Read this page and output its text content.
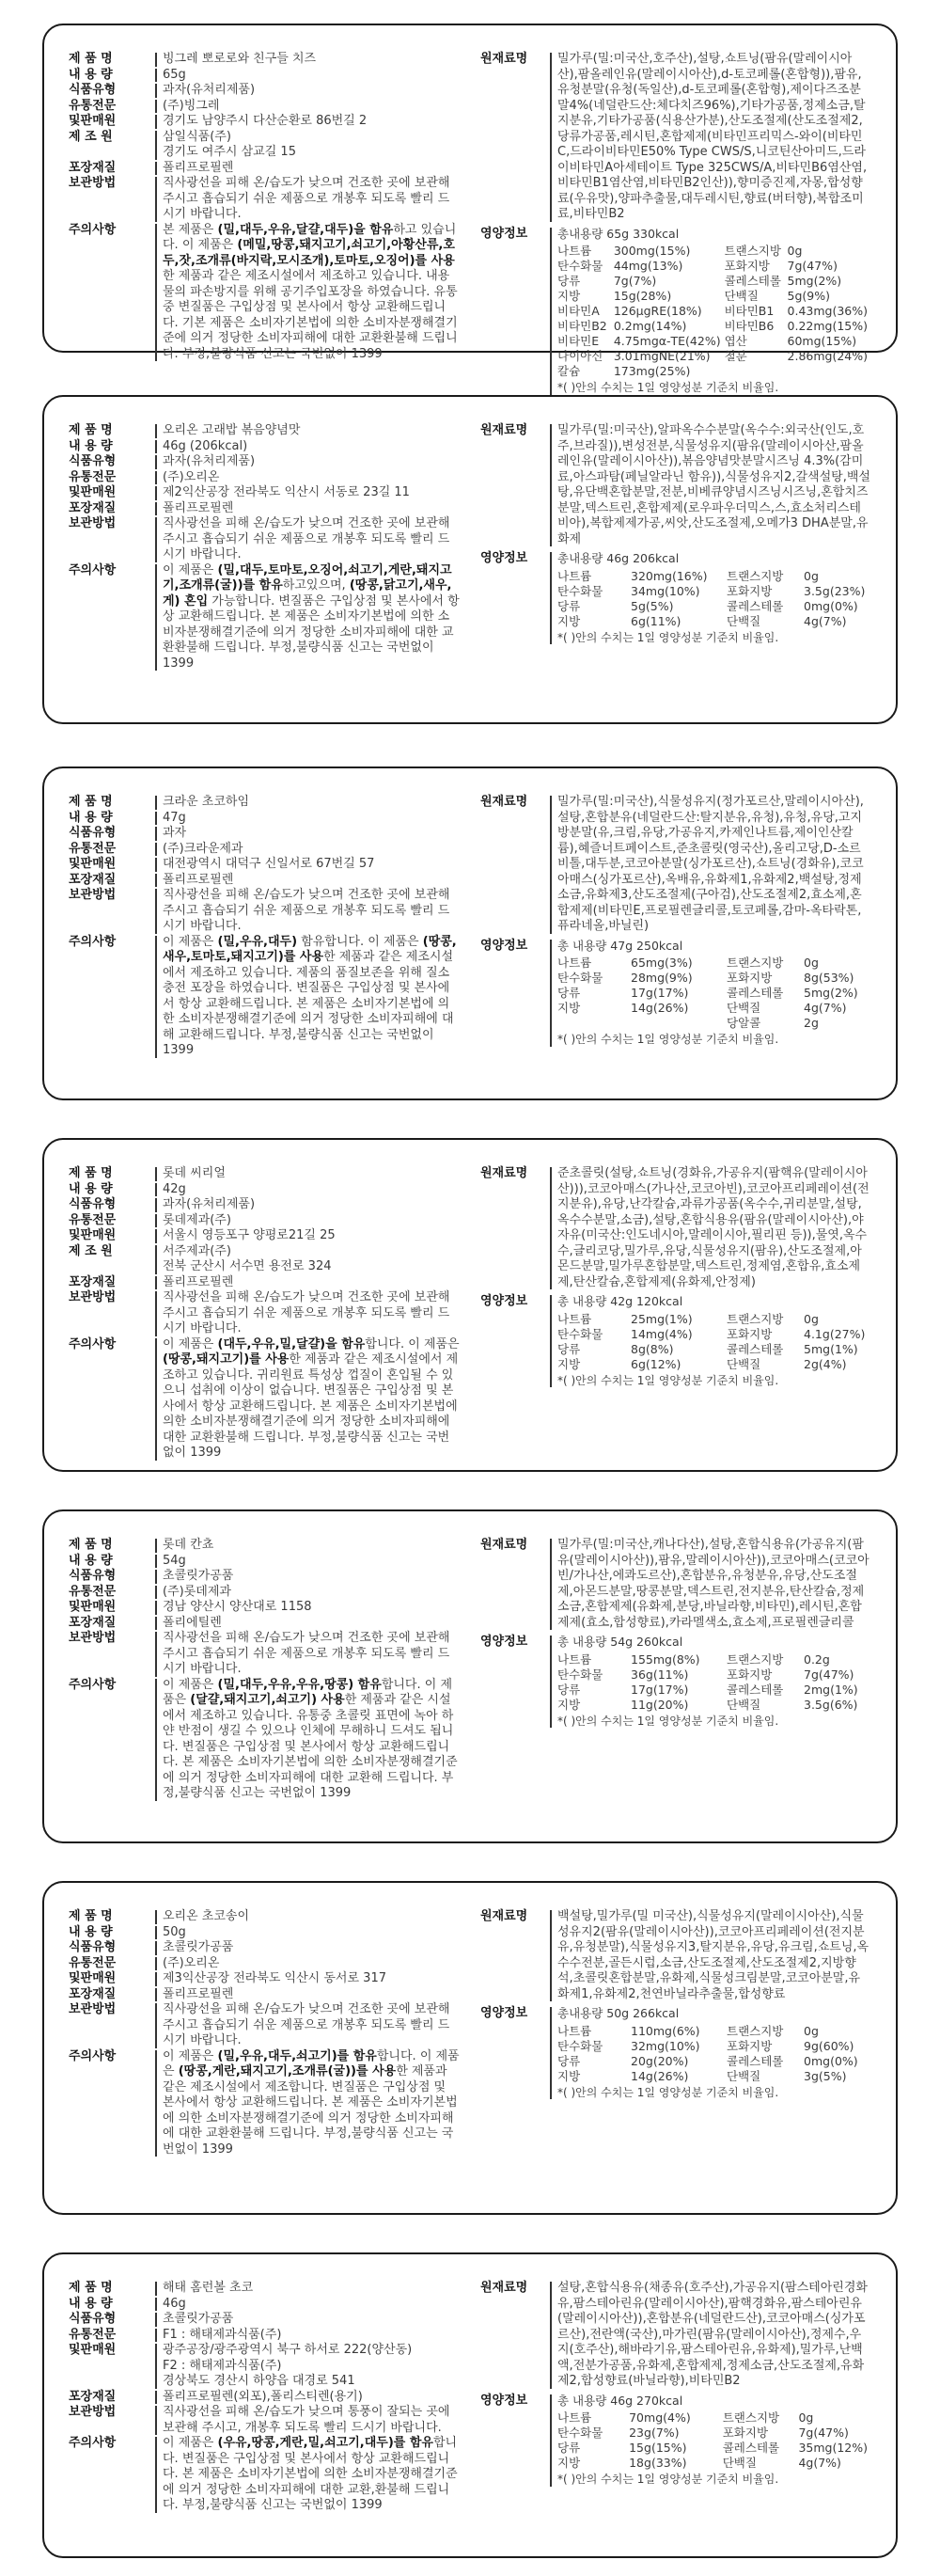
제 품 명	빙그레 뽀로로와 친구들 치즈
내 용 량	65g
식품유형	과자(유처리제품)
유통전문	(주)빙그레
및판매원	경기도 남양주시 다산순환로 86번길 2
제 조 원	삼일식품(주)
경기도 여주시 삼교길 15
포장재질	폴리프로필렌
보관방법	직사광선을 피해 온/습도가 낮으며 건조한 곳에 보관해 주시고 흡습되기 쉬운 제품으로 개봉후 되도록 빨리 드시기 바랍니다.
주의사항	본 제품은 (밀,대두,우유,달걀,대두)을 함유하고 있습니다. 이 제품은 (메밀,땅콩,돼지고기,쇠고기,아황산류,호두,잣,조개류(바지락,모시조개),토마토,오징어)를 사용한 제품과 같은 제조시설에서 제조하고 있습니다. 내용물의 파손방지를 위해 공기주입포장을 하였습니다. 유통중 변질품은 구입상점 및 본사에서 항상 교환해드립니다. 기본 제품은 소비자기본법에 의한 소비자분쟁해결기준에 의거 정당한 소비자피해에 대한 교환환불해 드립니다. 부정,불량식품 신고는 국번없이 1399
원재료명	밀가루(밀:미국산,호주산),설탕,쇼트닝(팜유(말레이시아산),팜올레인유(말레이시아산),d-토코페롤(혼합형)),팜유,유청분말(유청(독일산),d-토코페롤(혼합형),제이다즈조분말4%(네덜란드산:체다치즈96%),기타가공품,정제소금,탈지분유,기타가공품(식용산가분),산도조절제(산도조절제2,당류가공품,레시틴,혼합제제(비타민프리믹스-와이(비타민C,드라이비타민E50% Type CWS/S,니코틴산아미드,드라이비타민A아세테이트 Type 325CWS/A,비타민B6염산염,비타민B1염산염,비타민B2인산)),향미증진제,자몽,합성향료(우유맛),양파추출물,대두레시틴,향료(버터향),복합조미료,비타민B2
영양정보	총내용량 65g 330kcal
나트륨	300mg(15%)	트랜스지방	0g
탄수화물	44mg(13%)	포화지방	7g(47%)
당류	7g(7%)	콜레스테롤	5mg(2%)
지방	15g(28%)	단백질	5g(9%)
비타민A	126μgRE(18%)	비타민B1	0.43mg(36%)
비타민B2	0.2mg(14%)	비타민B6	0.22mg(15%)
비타민E	4.75mgα-TE(42%)	엽산	60mg(15%)
나이아신	3.01mgNE(21%)	철분	2.86mg(24%)
칼슘	173mg(25%)		
*( )안의 수치는 1일 영양성분 기준치 비율임.
제 품 명	오리온 고래밥 볶음양념맛
내 용 량	46g (206kcal)
식품유형	과자(유처리제품)
유통전문	(주)오리온
및판매원	제2익산공장 전라북도 익산시 서동로 23길 11
포장재질	폴리프로필렌
보관방법	직사광선을 피해 온/습도가 낮으며 건조한 곳에 보관해 주시고 흡습되기 쉬운 제품으로 개봉후 되도록 빨리 드시기 바랍니다.
주의사항	이 제품은 (밀,대두,토마토,오징어,쇠고기,게란,돼지고기,조개류(굴))를 함유하고있으며, (땅콩,닭고기,새우,게) 혼입 가능합니다. 변질품은 구입상점 및 본사에서 항상 교환해드립니다. 본 제품은 소비자기본법에 의한 소비자분쟁해결기준에 의거 정당한 소비자피해에 대한 교환환불해 드립니다. 부정,불량식품 신고는 국번없이 1399
원재료명	밀가루(밀:미국산),알파옥수수분말(옥수수:외국산(인도,호주,브라질)),변성전분,식물성유지(팜유(말레이시아산,팜올레인유(말레이시아산)),볶음양념맛분말시즈닝 4.3%(감미료,아스파탐(페닐알라닌 함유)),식물성유지2,갈색설탕,백설탕,유단백혼합분말,전분,비베큐양념시즈닝시즈닝,혼합치즈분말,덱스트린,혼합제제(로우파우더믹스,스,효소처리스테비아),복합제제가공,씨앗,산도조절제,오메가3 DHA분말,유화제
영양정보	총내용량 46g 206kcal
나트륨	320mg(16%)	트랜스지방	0g
탄수화물	34mg(10%)	포화지방	3.5g(23%)
당류	5g(5%)	콜레스테롤	0mg(0%)
지방	6g(11%)	단백질	4g(7%)
*( )안의 수치는 1일 영양성분 기준치 비율임.
제 품 명	크라운 초코하임
내 용 량	47g
식품유형	과자
유통전문	(주)크라운제과
및판매원	대전광역시 대덕구 신일서로 67번길 57
포장재질	폴리프로필렌
보관방법	직사광선을 피해 온/습도가 낮으며 건조한 곳에 보관해 주시고 흡습되기 쉬운 제품으로 개봉후 되도록 빨리 드시기 바랍니다.
주의사항	이 제품은 (밀,우유,대두) 함유합니다. 이 제품은 (땅콩,새우,토마토,돼지고기)를 사용한 제품과 같은 제조시설에서 제조하고 있습니다. 제품의 품질보존을 위해 질소충전 포장을 하였습니다. 변질품은 구입상점 및 본사에서 항상 교환해드립니다. 본 제품은 소비자기본법에 의한 소비자분쟁해결기준에 의거 정당한 소비자피해에 대해 교환해드립니다. 부정,불량식품 신고는 국번없이 1399
원재료명	밀가루(밀:미국산),식물성유지(정가포르산,말레이시아산),설탕,혼합분유(네덜란드산:탈지분유,유청),유청,유당,고지방분말(유,크림,유당,가공유지,카제인나트륨,제이인산칼륨),혜즐너트페이스트,준초콜릿(영국산),올리고당,D-소르비톨,대두분,코코아분말(싱가포르산),쇼트닝(경화유),코코아매스(싱가포르산),옥배유,유화제1,유화제2,백설탕,정제소금,유화제3,산도조절제(구아검),산도조절제2,효소제,혼합제제(비타민E,프로필렌글리콜,토코페롤,감마-옥타락톤,퓨라네올,바닐린)
영양정보	총 내용량 47g 250kcal
나트륨	65mg(3%)	트랜스지방	0g
탄수화물	28mg(9%)	포화지방	8g(53%)
당류	17g(17%)	콜레스테롤	5mg(2%)
지방	14g(26%)	단백질	4g(7%)
		당알콜	2g
*( )안의 수치는 1일 영양성분 기준치 비율임.
제 품 명	롯데 씨리얼
내 용 량	42g
식품유형	과자(유처리제품)
유통전문	롯데제과(주)
및판매원	서울시 영등포구 양평로21길 25
제 조 원	서주제과(주)
전북 군산시 서수면 용전로 324
포장재질	폴리프로필렌
보관방법	직사광선을 피해 온/습도가 낮으며 건조한 곳에 보관해 주시고 흡습되기 쉬운 제품으로 개봉후 되도록 빨리 드시기 바랍니다.
주의사항	이 제품은 (대두,우유,밀,달걀)을 함유합니다. 이 제품은 (땅콩,돼지고기)를 사용한 제품과 같은 제조시설에서 제조하고 있습니다. 귀리원료 특성상 껍질이 혼입될 수 있으니 섭취에 이상이 없습니다. 변질품은 구입상점 및 본사에서 항상 교환해드립니다. 본 제품은 소비자기본법에 의한 소비자분쟁해결기준에 의거 정당한 소비자피해에 대한 교환환불해 드립니다. 부정,불량식품 신고는 국번없이 1399
원재료명	준초콜릿(설탕,쇼트닝(경화유,가공유지(팜핵유(말레이시아산))),코코아매스(가나산,코코아빈),코코아프리페레이션(전지분유),유당,난각칼슘,과류가공품(옥수수,귀리분말,설탕,옥수수분말,소금),설탕,혼합식용유(팜유(말레이시아산),야자유(미국산:인도네시아,말레이시아,필리핀 등)),물엿,옥수수,글리코당,밀가루,유당,식물성유지(팜유),산도조절제,아몬드분말,밀가루혼합분말,덱스트린,정제염,혼합유,효소제제,탄산칼슘,혼합제제(유화제,안정제)
영양정보	총 내용량 42g 120kcal
나트륨	25mg(1%)	트랜스지방	0g
탄수화물	14mg(4%)	포화지방	4.1g(27%)
당류	8g(8%)	콜레스테롤	5mg(1%)
지방	6g(12%)	단백질	2g(4%)
*( )안의 수치는 1일 영양성분 기준치 비율임.
제 품 명	롯데 칸쵸
내 용 량	54g
식품유형	초콜릿가공품
유통전문	(주)롯데제과
및판매원	경남 양산시 양산대로 1158
포장재질	폴리에틸렌
보관방법	직사광선을 피해 온/습도가 낮으며 건조한 곳에 보관해 주시고 흡습되기 쉬운 제품으로 개봉후 되도록 빨리 드시기 바랍니다.
주의사항	이 제품은 (밀,대두,우유,우유,땅콩) 함유합니다. 이 제품은 (달걀,돼지고기,쇠고기) 사용한 제품과 같은 시설에서 제조하고 있습니다. 유통중 초콜릿 표면에 녹아 하얀 반점이 생길 수 있으나 인체에 무해하니 드셔도 됩니다. 변질품은 구입상점 및 본사에서 항상 교환해드립니다. 본 제품은 소비자기본법에 의한 소비자분쟁해결기준에 의거 정당한 소비자피해에 대한 교환해 드립니다. 부정,불량식품 신고는 국번없이 1399
원재료명	밀가루(밀:미국산,캐나다산),설탕,혼합식용유(가공유지(팜유(말레이시아산)),팜유,말레이시아산)),코코아매스(코코아빈/가나산,에콰도르산),혼합분유,유청분유,유당,산도조절제,아몬드분말,땅콩분말,덱스트린,전지분유,탄산칼슘,정제소금,혼합제제(유화제,분당,바닐라향,비타민),레시틴,혼합제제(효소,합성향료),카라멜색소,효소제,프로필렌글리콜
영양정보	총 내용량 54g 260kcal
나트륨	155mg(8%)	트랜스지방	0.2g
탄수화물	36g(11%)	포화지방	7g(47%)
당류	17g(17%)	콜레스테롤	2mg(1%)
지방	11g(20%)	단백질	3.5g(6%)
*( )안의 수치는 1일 영양성분 기준치 비율임.
제 품 명	오리온 초코송이
내 용 량	50g
식품유형	초콜릿가공품
유통전문	(주)오리온
및판매원	제3익산공장 전라북도 익산시 동서로 317
포장재질	폴리프로필렌
보관방법	직사광선을 피해 온/습도가 낮으며 건조한 곳에 보관해 주시고 흡습되기 쉬운 제품으로 개봉후 되도록 빨리 드시기 바랍니다.
주의사항	이 제품은 (밀,우유,대두,쇠고기)를 함유합니다. 이 제품은 (땅콩,게란,돼지고기,조개류(굴))를 사용한 제품과 같은 제조시설에서 제조합니다. 변질품은 구입상점 및 본사에서 항상 교환해드립니다. 본 제품은 소비자기본법에 의한 소비자분쟁해결기준에 의거 정당한 소비자피해에 대한 교환환불해 드립니다. 부정,불량식품 신고는 국번없이 1399
원재료명	백설탕,밀가루(밀 미국산),식물성유지(말레이시아산),식물성유지2(팜유(말레이시아산)),코코아프리페레이션(전지분유,유청분말),식물성유지3,탈지분유,유당,유크림,쇼트닝,옥수수전분,골든시럽,소금,산도조절제,산도조절제2,지방향석,초콜릿혼합분말,유화제,식물성크림분말,코코아분말,유화제1,유화제2,천연바닐라추출물,합성향료
영양정보	총내용량 50g 266kcal
나트륨	110mg(6%)	트랜스지방	0g
탄수화물	32mg(10%)	포화지방	9g(60%)
당류	20g(20%)	콜레스테롤	0mg(0%)
지방	14g(26%)	단백질	3g(5%)
*( )안의 수치는 1일 영양성분 기준치 비율임.
제 품 명	해태 홈런볼 초코
내 용 량	46g
식품유형	초콜릿가공품
유통전문	F1 : 해태제과식품(주)
및판매원	광주공장/광주광역시 북구 하서로 222(양산동)
F2 : 해태제과식품(주)
경상북도 경산시 하양읍 대경로 541
포장재질	폴리프로필렌(외포),폴리스티렌(용기)
보관방법	직사광선을 피해 온/습도가 낮으며 통풍이 잘되는 곳에 보관해 주시고, 개봉후 되도록 빨리 드시기 바랍니다.
주의사항	이 제품은 (우유,땅콩,게란,밀,쇠고기,대두)를 함유합니다. 변질품은 구입상점 및 본사에서 항상 교환해드립니다. 본 제품은 소비자기본법에 의한 소비자분쟁해결기준에 의거 정당한 소비자피해에 대한 교환,환불해 드립니다. 부정,불량식품 신고는 국번없이 1399
원재료명	설탕,혼합식용유(채종유(호주산),가공유지(팜스테아린경화유,팜스테아린유(말레이시아산),팜핵경화유,팜스테아린유(말레이시아산)),혼합분유(네덜란드산),코코아매스(싱가포르산),전란액(국산),마가린(팜유(말레이시아산),정제수,우지(호주산),해바라기유,팜스테아린유,유화제),밀가루,난백액,전분가공품,유화제,혼합제제,정제소금,산도조절제,유화제2,합성향료(바닐라향),비타민B2
영양정보	총 내용량 46g 270kcal
나트륨	70mg(4%)	트랜스지방	0g
탄수화물	23g(7%)	포화지방	7g(47%)
당류	15g(15%)	콜레스테롤	35mg(12%)
지방	18g(33%)	단백질	4g(7%)
*( )안의 수치는 1일 영양성분 기준치 비율임.
